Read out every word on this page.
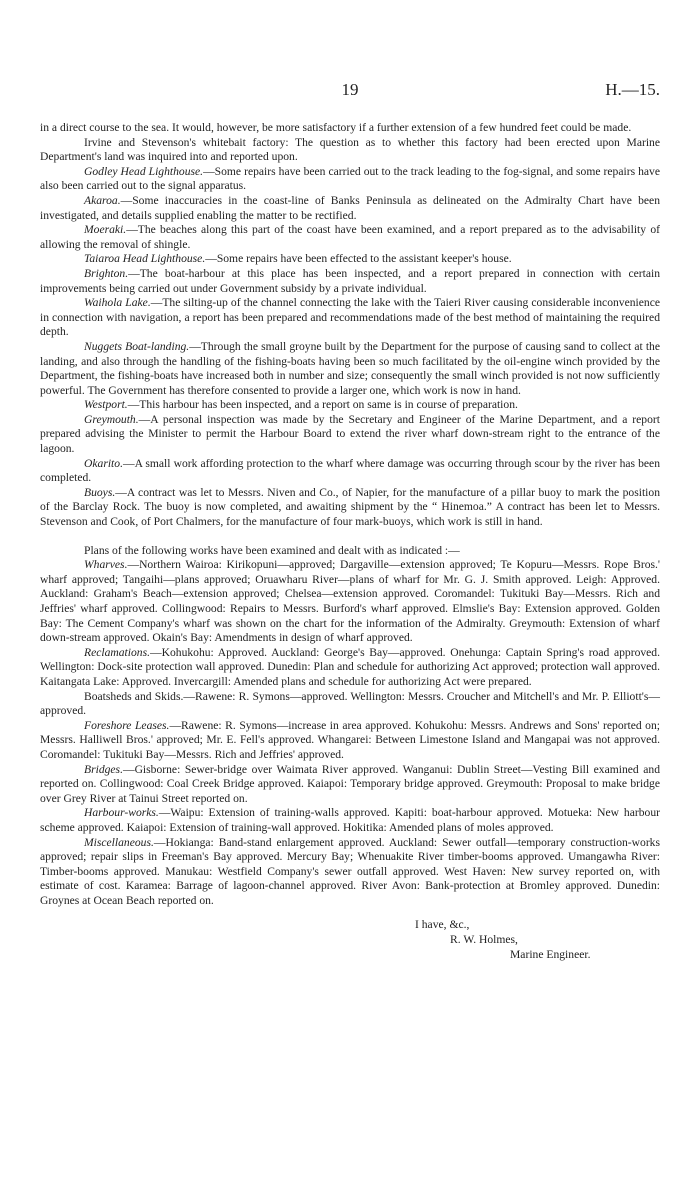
19	H.—15.

in a direct course to the sea. It would, however, be more satisfactory if a further extension of a few hundred feet could be made.

Irvine and Stevenson's whitebait factory: The question as to whether this factory had been erected upon Marine Department's land was inquired into and reported upon.

Godley Head Lighthouse.—Some repairs have been carried out to the track leading to the fog-signal, and some repairs have also been carried out to the signal apparatus.

Akaroa.—Some inaccuracies in the coast-line of Banks Peninsula as delineated on the Admiralty Chart have been investigated, and details supplied enabling the matter to be rectified.

Moeraki.—The beaches along this part of the coast have been examined, and a report prepared as to the advisability of allowing the removal of shingle.

Taiaroa Head Lighthouse.—Some repairs have been effected to the assistant keeper's house.

Brighton.—The boat-harbour at this place has been inspected, and a report prepared in connection with certain improvements being carried out under Government subsidy by a private individual.

Waihola Lake.—The silting-up of the channel connecting the lake with the Taieri River causing considerable inconvenience in connection with navigation, a report has been prepared and recommendations made of the best method of maintaining the required depth.

Nuggets Boat-landing.—Through the small groyne built by the Department for the purpose of causing sand to collect at the landing, and also through the handling of the fishing-boats having been so much facilitated by the oil-engine winch provided by the Department, the fishing-boats have increased both in number and size; consequently the small winch provided is not now sufficiently powerful. The Government has therefore consented to provide a larger one, which work is now in hand.

Westport.—This harbour has been inspected, and a report on same is in course of preparation.

Greymouth.—A personal inspection was made by the Secretary and Engineer of the Marine Department, and a report prepared advising the Minister to permit the Harbour Board to extend the river wharf down-stream right to the entrance of the lagoon.

Okarito.—A small work affording protection to the wharf where damage was occurring through scour by the river has been completed.

Buoys.—A contract was let to Messrs. Niven and Co., of Napier, for the manufacture of a pillar buoy to mark the position of the Barclay Rock. The buoy is now completed, and awaiting shipment by the “ Hinemoa.” A contract has been let to Messrs. Stevenson and Cook, of Port Chalmers, for the manufacture of four mark-buoys, which work is still in hand.

Plans of the following works have been examined and dealt with as indicated :—

Wharves.—Northern Wairoa: Kirikopuni—approved; Dargaville—extension approved; Te Kopuru—Messrs. Rope Bros.' wharf approved; Tangaihi—plans approved; Oruawharu River—plans of wharf for Mr. G. J. Smith approved. Leigh: Approved. Auckland: Graham's Beach—extension approved; Chelsea—extension approved. Coromandel: Tukituki Bay—Messrs. Rich and Jeffries' wharf approved. Collingwood: Repairs to Messrs. Burford's wharf approved. Elmslie's Bay: Extension approved. Golden Bay: The Cement Company's wharf was shown on the chart for the information of the Admiralty. Greymouth: Extension of wharf down-stream approved. Okain's Bay: Amendments in design of wharf approved.

Reclamations.—Kohukohu: Approved. Auckland: George's Bay—approved. Onehunga: Captain Spring's road approved. Wellington: Dock-site protection wall approved. Dunedin: Plan and schedule for authorizing Act approved; protection wall approved. Kaitangata Lake: Approved. Invercargill: Amended plans and schedule for authorizing Act were prepared.

Boatsheds and Skids.—Rawene: R. Symons—approved. Wellington: Messrs. Croucher and Mitchell's and Mr. P. Elliott's—approved.

Foreshore Leases.—Rawene: R. Symons—increase in area approved. Kohukohu: Messrs. Andrews and Sons' reported on; Messrs. Halliwell Bros.' approved; Mr. E. Fell's approved. Whangarei: Between Limestone Island and Mangapai was not approved. Coromandel: Tukituki Bay—Messrs. Rich and Jeffries' approved.

Bridges.—Gisborne: Sewer-bridge over Waimata River approved. Wanganui: Dublin Street—Vesting Bill examined and reported on. Collingwood: Coal Creek Bridge approved. Kaiapoi: Temporary bridge approved. Greymouth: Proposal to make bridge over Grey River at Tainui Street reported on.

Harbour-works.—Waipu: Extension of training-walls approved. Kapiti: boat-harbour approved. Motueka: New harbour scheme approved. Kaiapoi: Extension of training-wall approved. Hokitika: Amended plans of moles approved.

Miscellaneous.—Hokianga: Band-stand enlargement approved. Auckland: Sewer outfall—temporary construction-works approved; repair slips in Freeman's Bay approved. Mercury Bay; Whenuakite River timber-booms approved. Umangawha River: Timber-booms approved. Manukau: Westfield Company's sewer outfall approved. West Haven: New survey reported on, with estimate of cost. Karamea: Barrage of lagoon-channel approved. River Avon: Bank-protection at Bromley approved. Dunedin: Groynes at Ocean Beach reported on.

I have, &c.,
R. W. Holmes,
Marine Engineer.
